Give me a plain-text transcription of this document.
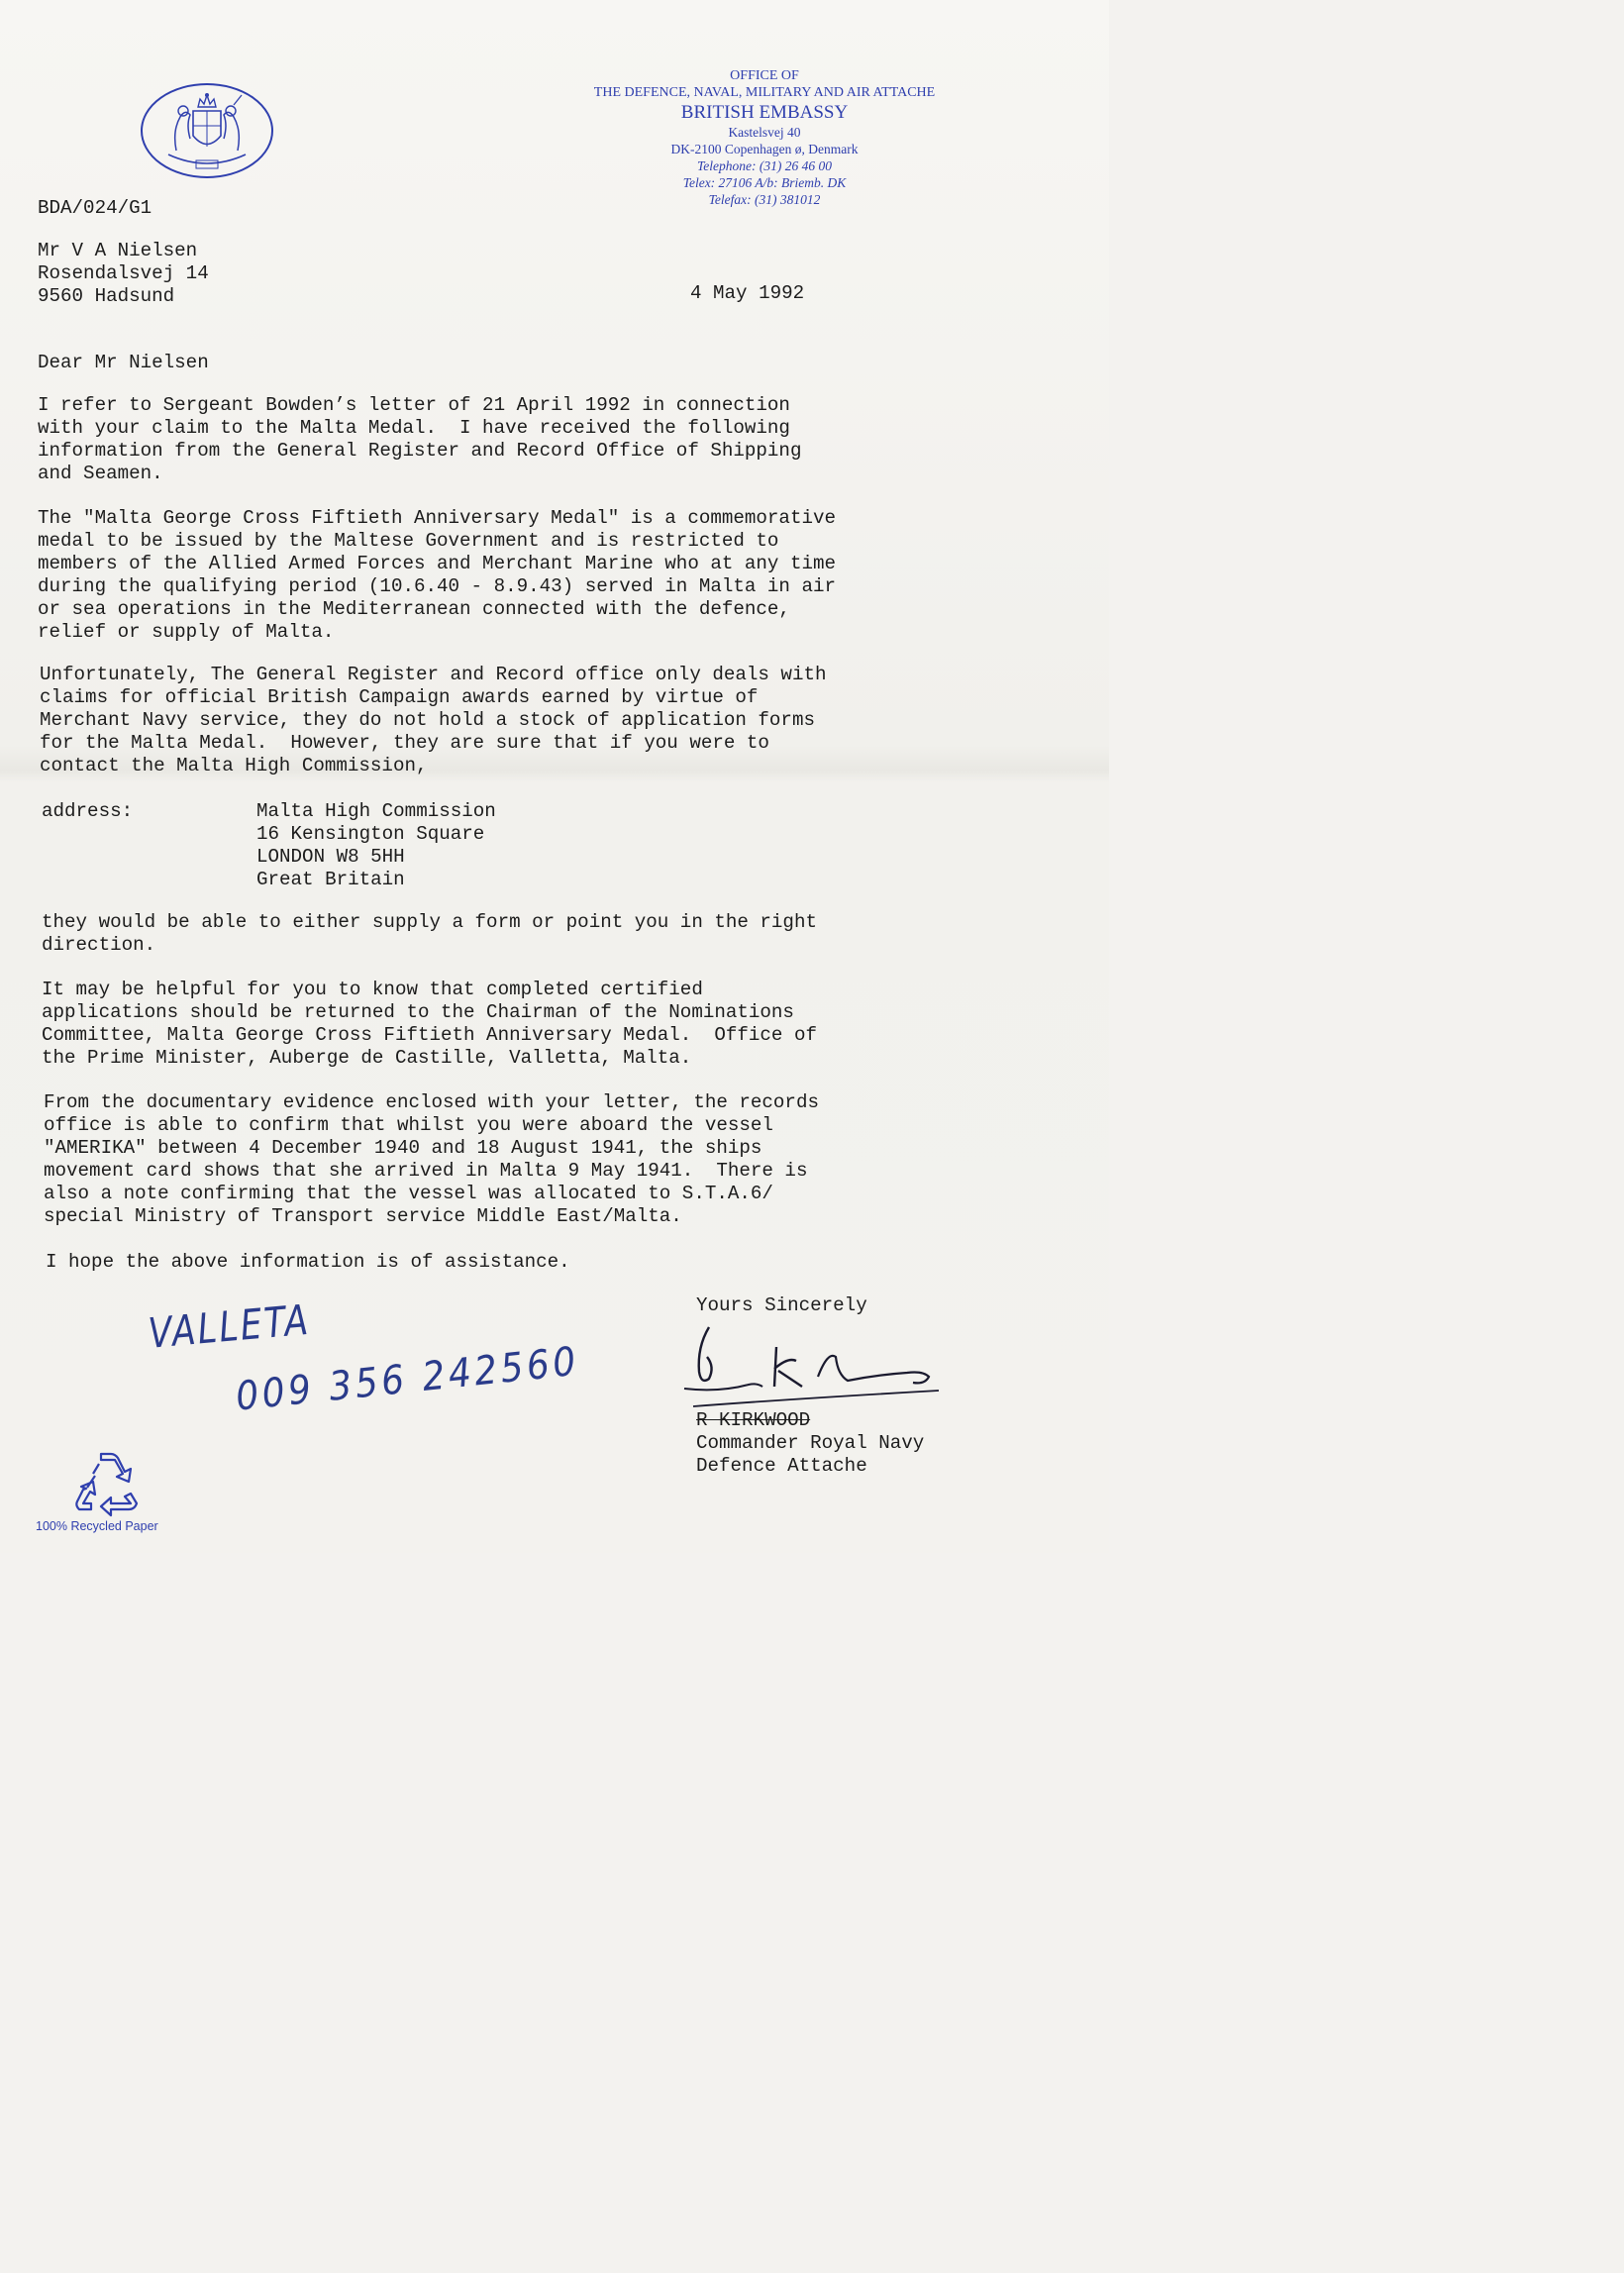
OFFICE OF
THE DEFENCE, NAVAL, MILITARY AND AIR ATTACHE
BRITISH EMBASSY
Kastelsvej 40
DK-2100 Copenhagen ø, Denmark
Telephone: (31) 26 46 00
Telex: 27106 A/b: Briemb. DK
Telefax: (31) 381012
BDA/024/G1
Mr V A Nielsen
Rosendalsvej 14
9560 Hadsund	4 May 1992
Dear Mr Nielsen
I refer to Sergeant Bowden’s letter of 21 April 1992 in connection
with your claim to the Malta Medal.  I have received the following
information from the General Register and Record Office of Shipping
and Seamen.
The "Malta George Cross Fiftieth Anniversary Medal" is a commemorative
medal to be issued by the Maltese Government and is restricted to
members of the Allied Armed Forces and Merchant Marine who at any time
during the qualifying period (10.6.40 - 8.9.43) served in Malta in air
or sea operations in the Mediterranean connected with the defence,
relief or supply of Malta.
Unfortunately, The General Register and Record office only deals with
claims for official British Campaign awards earned by virtue of
Merchant Navy service, they do not hold a stock of application forms
for the Malta Medal.  However, they are sure that if you were to
contact the Malta High Commission,
address:	Malta High Commission
16 Kensington Square
LONDON W8 5HH
Great Britain
they would be able to either supply a form or point you in the right
direction.
It may be helpful for you to know that completed certified
applications should be returned to the Chairman of the Nominations
Committee, Malta George Cross Fiftieth Anniversary Medal.  Office of
the Prime Minister, Auberge de Castille, Valletta, Malta.
From the documentary evidence enclosed with your letter, the records
office is able to confirm that whilst you were aboard the vessel
"AMERIKA" between 4 December 1940 and 18 August 1941, the ships
movement card shows that she arrived in Malta 9 May 1941.  There is
also a note confirming that the vessel was allocated to S.T.A.6/
special Ministry of Transport service Middle East/Malta.
I hope the above information is of assistance.
Yours Sincerely
R KIRKWOOD
Commander Royal Navy
Defence Attache
VALLETA
009 356 242560
100% Recycled Paper
